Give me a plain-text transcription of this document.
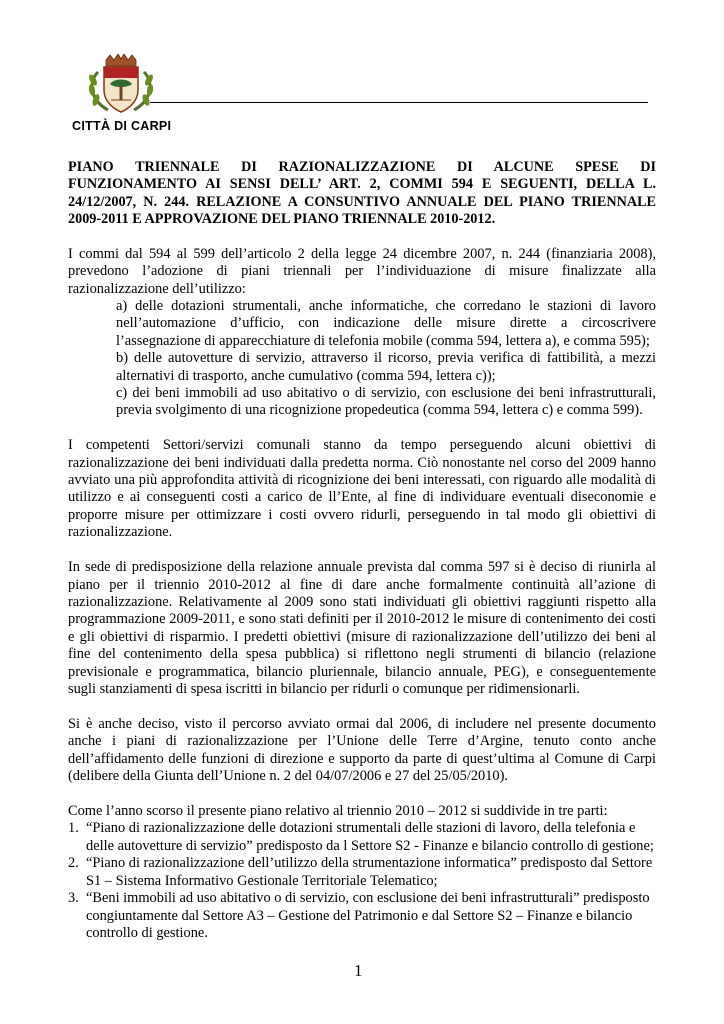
CITTÀ DI CARPI

PIANO TRIENNALE DI RAZIONALIZZAZIONE DI ALCUNE SPESE DI FUNZIONAMENTO AI SENSI DELL’ ART. 2, COMMI 594 E SEGUENTI, DELLA L. 24/12/2007, N. 244. RELAZIONE A CONSUNTIVO ANNUALE DEL PIANO TRIENNALE 2009-2011 E APPROVAZIONE DEL PIANO TRIENNALE 2010-2012.

I commi dal 594 al 599 dell’articolo 2 della legge 24 dicembre 2007, n. 244 (finanziaria 2008), prevedono l’adozione di piani triennali per l’individuazione di misure finalizzate alla razionalizzazione dell’utilizzo:

a) delle dotazioni strumentali, anche informatiche, che corredano le stazioni di lavoro nell’automazione d’ufficio, con indicazione delle misure dirette a circoscrivere l’assegnazione di apparecchiature di telefonia mobile (comma 594, lettera a), e comma 595);

b) delle autovetture di servizio, attraverso il ricorso, previa verifica di fattibilità, a mezzi alternativi di trasporto, anche cumulativo (comma 594, lettera c));

c) dei beni immobili ad uso abitativo o di servizio, con esclusione dei beni infrastrutturali, previa svolgimento di una ricognizione propedeutica (comma 594, lettera c) e comma 599).

I competenti Settori/servizi comunali stanno da tempo perseguendo alcuni obiettivi di razionalizzazione dei beni individuati dalla predetta norma. Ciò nonostante nel corso del 2009 hanno avviato una più approfondita attività di ricognizione dei beni interessati, con riguardo alle modalità di utilizzo e ai conseguenti costi a carico de ll’Ente, al fine di individuare eventuali diseconomie e proporre misure per ottimizzare i costi ovvero ridurli, perseguendo in tal modo gli obiettivi di razionalizzazione.

In sede di predisposizione della relazione annuale prevista dal comma 597 si è deciso di riunirla al piano per il triennio 2010-2012 al fine di dare anche formalmente continuità all’azione di razionalizzazione. Relativamente al 2009 sono stati individuati gli obiettivi raggiunti rispetto alla programmazione 2009-2011, e sono stati definiti per il 2010-2012 le misure di contenimento dei costi e gli obiettivi di risparmio. I predetti obiettivi (misure di razionalizzazione dell’utilizzo dei beni al fine del contenimento della spesa pubblica) si riflettono negli strumenti di bilancio (relazione previsionale e programmatica, bilancio pluriennale, bilancio annuale, PEG), e conseguentemente sugli stanziamenti di spesa iscritti in bilancio per ridurli o comunque per ridimensionarli.

Si è anche deciso, visto il percorso avviato ormai dal 2006, di includere nel presente documento anche i piani di razionalizzazione per l’Unione delle Terre d’Argine, tenuto conto anche dell’affidamento delle funzioni di direzione e supporto da parte di quest’ultima al Comune di Carpi (delibere della Giunta dell’Unione n. 2 del 04/07/2006 e 27 del 25/05/2010).

Come l’anno scorso il presente piano relativo al triennio 2010 – 2012 si suddivide in tre parti:

1. “Piano di razionalizzazione delle dotazioni strumentali delle stazioni di lavoro, della telefonia e delle autovetture di servizio” predisposto da l Settore S2 - Finanze e bilancio controllo di gestione;
2. “Piano di razionalizzazione dell’utilizzo della strumentazione informatica” predisposto dal Settore S1 – Sistema Informativo Gestionale Territoriale Telematico;
3. “Beni immobili ad uso abitativo o di servizio, con esclusione dei beni infrastrutturali” predisposto congiuntamente dal Settore A3 – Gestione del Patrimonio e dal Settore S2 – Finanze e bilancio controllo di gestione.
1
